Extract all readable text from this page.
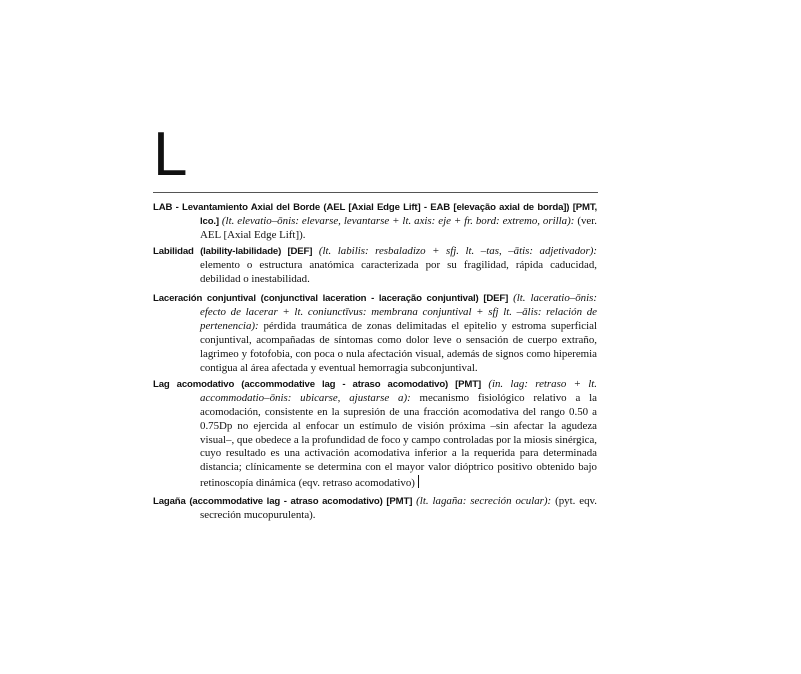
L

LAB - Levantamiento Axial del Borde (AEL [Axial Edge Lift] - EAB [elevação axial de borda]) [PMT, lco.] (lt. elevatio–ōnis: elevarse, levantarse + lt. axis: eje + fr. bord: extremo, orilla): (ver. AEL [Axial Edge Lift]).

Labilidad (lability-labilidade) [DEF] (lt. labilis: resbaladizo + sfj. lt. –tas, –ātis: adjetivador): elemento o estructura anatómica caracterizada por su fragilidad, rápida caducidad, debilidad o inestabilidad.

Laceración conjuntival (conjunctival laceration - laceração conjuntival) [DEF] (lt. laceratio–ōnis: efecto de lacerar + lt. coniunctīvus: membrana conjuntival + sfj lt. –ālis: relación de pertenencia): pérdida traumática de zonas delimitadas el epitelio y estroma superficial conjuntival, acompañadas de síntomas como dolor leve o sensación de cuerpo extraño, lagrimeo y fotofobia, con poca o nula afectación visual, además de signos como hiperemia contigua al área afectada y eventual hemorragia subconjuntival.

Lag acomodativo (accommodative lag - atraso acomodativo) [PMT] (in. lag: retraso + lt. accommodatio–ōnis: ubicarse, ajustarse a): mecanismo fisiológico relativo a la acomodación, consistente en la supresión de una fracción acomodativa del rango 0.50 a 0.75Dp no ejercida al enfocar un estímulo de visión próxima –sin afectar la agudeza visual–, que obedece a la profundidad de foco y campo controladas por la miosis sinérgica, cuyo resultado es una activación acomodativa inferior a la requerida para determinada distancia; clínicamente se determina con el mayor valor dióptrico positivo obtenido bajo retinoscopía dinámica (eqv. retraso acomodativo)

Lagaña (accommodative lag - atraso acomodativo) [PMT] (lt. lagaña: secreción ocular): (pyt. eqv. secreción mucopurulenta).
